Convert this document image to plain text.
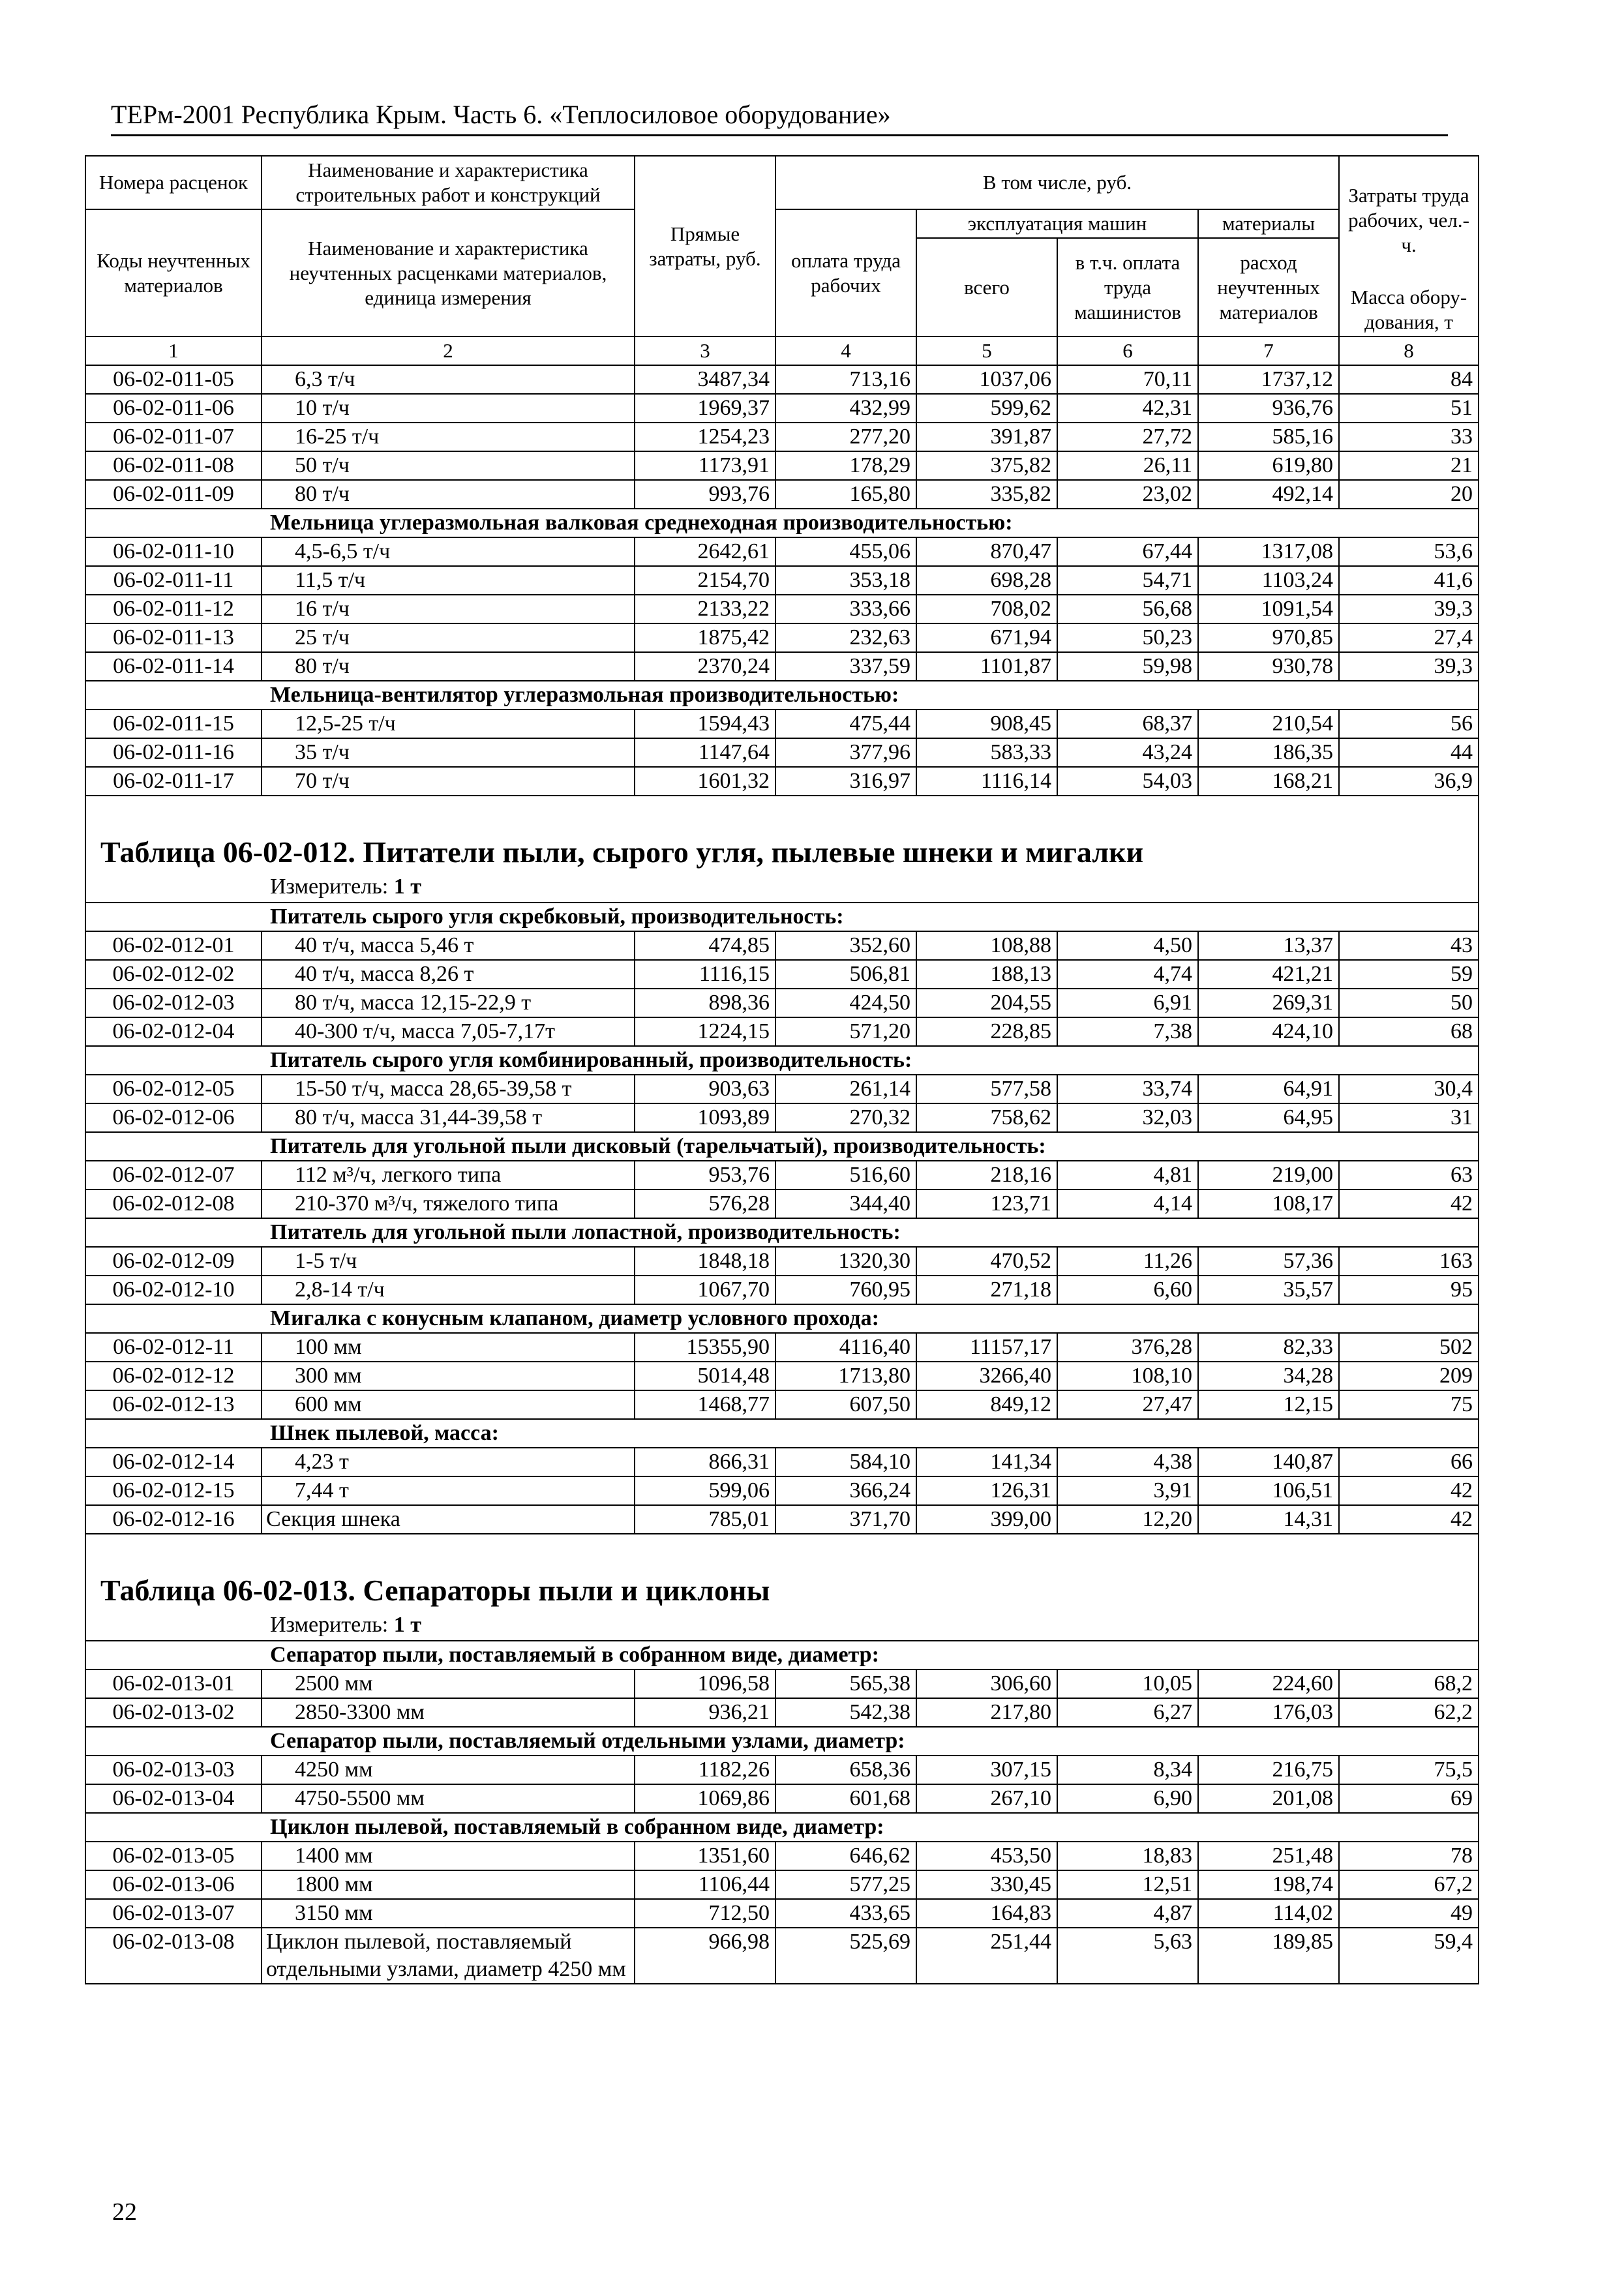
ТЕРм-2001 Республика Крым. Часть 6. «Теплосиловое оборудование»
Номера расценок	Наименование и характеристика строительных работ и конструкций	Прямые затраты, руб.	В том числе, руб.				Затраты труда рабочих, чел.-ч.
Коды неучтенных материалов	Наименование и характеристика неучтенных расценками материалов, единица измерения		оплата труда рабочих	эксплуатация машин		материалы	
				всего	в т.ч. оплата труда машинистов	расход неучтенных материалов	
							Масса обору-дования, т
1	2	3	4	5	6	7	8
06-02-011-05	6,3 т/ч	3487,34	713,16	1037,06	70,11	1737,12	84
06-02-011-06	10 т/ч	1969,37	432,99	599,62	42,31	936,76	51
06-02-011-07	16-25 т/ч	1254,23	277,20	391,87	27,72	585,16	33
06-02-011-08	50 т/ч	1173,91	178,29	375,82	26,11	619,80	21
06-02-011-09	80 т/ч	993,76	165,80	335,82	23,02	492,14	20
Мельница углеразмольная валковая среднеходная производительностью:							
06-02-011-10	4,5-6,5 т/ч	2642,61	455,06	870,47	67,44	1317,08	53,6
06-02-011-11	11,5 т/ч	2154,70	353,18	698,28	54,71	1103,24	41,6
06-02-011-12	16 т/ч	2133,22	333,66	708,02	56,68	1091,54	39,3
06-02-011-13	25 т/ч	1875,42	232,63	671,94	50,23	970,85	27,4
06-02-011-14	80 т/ч	2370,24	337,59	1101,87	59,98	930,78	39,3
Мельница-вентилятор углеразмольная производительностью:							
06-02-011-15	12,5-25 т/ч	1594,43	475,44	908,45	68,37	210,54	56
06-02-011-16	35 т/ч	1147,64	377,96	583,33	43,24	186,35	44
06-02-011-17	70 т/ч	1601,32	316,97	1116,14	54,03	168,21	36,9
Таблица 06-02-012. Питатели пыли, сырого угля, пылевые шнеки и мигалки							
Измеритель: 1 т							
Питатель сырого угля скребковый, производительность:							
06-02-012-01	40 т/ч, масса 5,46 т	474,85	352,60	108,88	4,50	13,37	43
06-02-012-02	40 т/ч, масса 8,26 т	1116,15	506,81	188,13	4,74	421,21	59
06-02-012-03	80 т/ч, масса 12,15-22,9 т	898,36	424,50	204,55	6,91	269,31	50
06-02-012-04	40-300 т/ч, масса 7,05-7,17т	1224,15	571,20	228,85	7,38	424,10	68
Питатель сырого угля комбинированный, производительность:							
06-02-012-05	15-50 т/ч, масса 28,65-39,58 т	903,63	261,14	577,58	33,74	64,91	30,4
06-02-012-06	80 т/ч, масса 31,44-39,58 т	1093,89	270,32	758,62	32,03	64,95	31
Питатель для угольной пыли дисковый (тарельчатый), производительность:							
06-02-012-07	112 м³/ч, легкого типа	953,76	516,60	218,16	4,81	219,00	63
06-02-012-08	210-370 м³/ч, тяжелого типа	576,28	344,40	123,71	4,14	108,17	42
Питатель для угольной пыли лопастной, производительность:							
06-02-012-09	1-5 т/ч	1848,18	1320,30	470,52	11,26	57,36	163
06-02-012-10	2,8-14 т/ч	1067,70	760,95	271,18	6,60	35,57	95
Мигалка с конусным клапаном, диаметр условного прохода:							
06-02-012-11	100 мм	15355,90	4116,40	11157,17	376,28	82,33	502
06-02-012-12	300 мм	5014,48	1713,80	3266,40	108,10	34,28	209
06-02-012-13	600 мм	1468,77	607,50	849,12	27,47	12,15	75
Шнек пылевой, масса:							
06-02-012-14	4,23 т	866,31	584,10	141,34	4,38	140,87	66
06-02-012-15	7,44 т	599,06	366,24	126,31	3,91	106,51	42
06-02-012-16	Секция шнека	785,01	371,70	399,00	12,20	14,31	42
Таблица 06-02-013. Сепараторы пыли и циклоны							
Измеритель: 1 т							
Сепаратор пыли, поставляемый в собранном виде, диаметр:							
06-02-013-01	2500 мм	1096,58	565,38	306,60	10,05	224,60	68,2
06-02-013-02	2850-3300 мм	936,21	542,38	217,80	6,27	176,03	62,2
Сепаратор пыли, поставляемый отдельными узлами, диаметр:							
06-02-013-03	4250 мм	1182,26	658,36	307,15	8,34	216,75	75,5
06-02-013-04	4750-5500 мм	1069,86	601,68	267,10	6,90	201,08	69
Циклон пылевой, поставляемый в собранном виде, диаметр:							
06-02-013-05	1400 мм	1351,60	646,62	453,50	18,83	251,48	78
06-02-013-06	1800 мм	1106,44	577,25	330,45	12,51	198,74	67,2
06-02-013-07	3150 мм	712,50	433,65	164,83	4,87	114,02	49
06-02-013-08	Циклон пылевой, поставляемый отдельными узлами, диаметр 4250 мм	966,98	525,69	251,44	5,63	189,85	59,4
22
